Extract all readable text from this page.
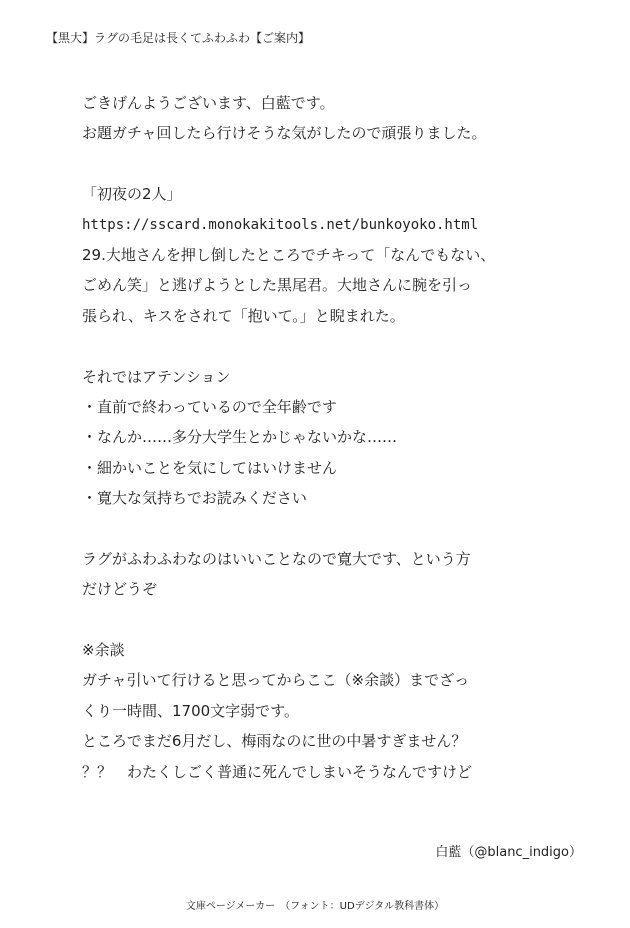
【黒大】ラグの毛足は長くてふわふわ【ご案内】
ごきげんようございます、白藍です。
お題ガチャ回したら行けそうな気がしたので頑張りました。
「初夜の2人」
https://sscard.monokakitools.net/bunkoyoko.html
29.大地さんを押し倒したところでチキって「なんでもない、
ごめん笑」と逃げようとした黒尾君。大地さんに腕を引っ
張られ、キスをされて「抱いて。」と睨まれた。
それではアテンション
・直前で終わっているので全年齢です
・なんか……多分大学生とかじゃないかな……
・細かいことを気にしてはいけません
・寛大な気持ちでお読みください
ラグがふわふわなのはいいことなので寛大です、という方
だけどうぞ
※余談
ガチャ引いて行けると思ってからここ（※余談）までざっ
くり一時間、1700文字弱です。
ところでまだ6月だし、梅雨なのに世の中暑すぎません？
？？　わたくしごく普通に死んでしまいそうなんですけど
白藍（@blanc_indigo）
文庫ページメーカー　（フォント：UDデジタル教科書体）
